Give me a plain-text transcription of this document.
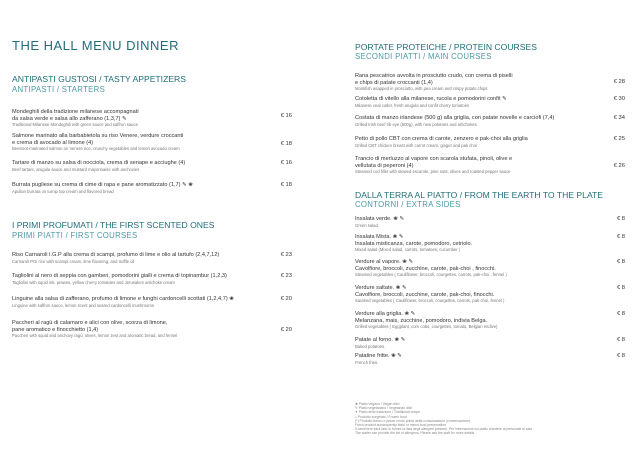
THE HALL MENU DINNER
ANTIPASTI GUSTOSI / TASTY APPETIZERS
ANTIPASTI / STARTERS
Mondeghili della tradizione milanese accompagnati
da salsa verde e salsa allo zafferano (1,3,7) ✎
Traditional Milanese Mondeghili with green sauce and saffron sauce
€ 16
Salmone marinato alla barbabietola su riso Venere, verdure croccanti
e crema di avocado al limone (4)
Beetroot-marinated salmon on Venere rice, crunchy vegetables and lemon avocado cream
€ 18
Tartare di manzo su salsa di nocciola, crema di senape e acciughe (4)
Beef tartare, arugula sauce and mustard mayonnaise with anchovies
€ 16
Burrata pugliese su crema di cime di rapa e pane aromatizzato (1,7) ✎ ❀
Apulian burrata on turnip top cream and flavored bread
€ 18
I PRIMI PROFUMATI / THE FIRST SCENTED ONES
PRIMI PIATTI / FIRST COURSES
Riso Carnaroli I.G.P alla crema di scampi, profumo di lime e olio al tartufo (2,4,7,12)
Carnaroli PGI rice with scampi cream, lime flavoring, and truffle oil
€ 23
Tagliolini al nero di seppia con gamberi, pomodorini gialli e crema di topinambur (1,2,3)
Tagliolini with squid ink, prawns, yellow cherry tomatoes and Jerusalem artichoke cream
€ 23
Linguine alla salsa di zafferano, profumo di limone e funghi cardoncelli scottati (1,2,4,7) ❀
Linguine with saffron sauce, lemon scent and seared cardoncelli mushrooms
€ 20
Paccheri al ragù di calamaro e alici con olive, scorza di limone,
pane aromatico e finocchietto (1,4)
Paccheri with squid and anchovy ragù, olives, lemon zest and aromatic bread, and fennel
€ 20
PORTATE PROTEICHE / PROTEIN COURSES
SECONDI PIATTI / MAIN COURSES
Rana pescatrice avvolta in prosciutto crudo, con crema di piselli
e chips di patate croccanti (1,4)
Monkfish wrapped in prosciutto, with pea cream and crispy potato chips
€ 28
Cotoletta di vitello alla milanese, rucola e pomodorini confit ✎
Milanese veal cutlet, fresh arugula and confit cherry tomatoes
€ 30
Costata di manzo irlandese (500 g) alla griglia, con patate novelle e carciofi (7,4)
Grilled Irish beef rib eye (500g), with new potatoes and artichokes
€ 34
Petto di pollo CBT con crema di carote, zenzero e pak-choi alla griglia
Grilled CBT chicken breast with carrot cream, ginger and pak choi
€ 25
Trancio di merluzzo al vapore con scarola stufata, pinoli, olive e
vellutata di peperoni (4)
Steamed cod fillet with stewed escarole, pine nuts, olives and roasted pepper sauce
€ 26
DALLA TERRA AL PIATTO / FROM THE EARTH TO THE PLATE
CONTORNI / EXTRA SIDES
Insalata verde. ❀ ✎
Green salad.
€ 8
Insalata Mista. ❀ ✎
Insalata misticanza, carote, pomodoro, cetriolo.
Mixed salad (Mixed salad, carrots, tomatoes, cucumber )
€ 8
Verdure al vapore. ❀ ✎
Cavolfiore, broccoli, zucchine, carote, pak-choi , finocchi.
Steamed vegetables ( Cauliflower, broccoli, courgettes, carrots, pak-choi , fennel )
€ 8
Verdure saltate. ❀ ✎
Cavolfiore, broccoli, zucchine, carote, pak-choi, finocchi.
Sautéed vegetables ( Cauliflower, broccoli, courgettes, carrots, pak-choi, fennel )
€ 8
Verdure alla griglia. ❀ ✎
Melanzana, mais, zucchine, pomodoro, indivia Belga.
Grilled vegetables ( Eggplant, corn cobs, courgettes, tomato, Belgian endive)
€ 8
Patate al forno. ❀ ✎
Baked potatoes.
€ 8
Patatine fritte. ❀ ✎
French fries.
€ 8
❀ Piatto Vegano / Vegan dish
✎ Piatto vegetariano / Vegetarian dish
✦ Piatto della tradizione / Traditional recipe
○ Prodotto surgelato / Frozen food
(*) Prodotto fresco o pesce crudo prima della consumazione (conservazione)
Fresh product subsequently blast or minus food preservation
Il cameriere sarà lieto di fornire la lista degli allergeni presenti. Per informazioni sul piatto chiedere al personale di sala
The waiter can provide the list of allergens. Please ask the staff for more details
